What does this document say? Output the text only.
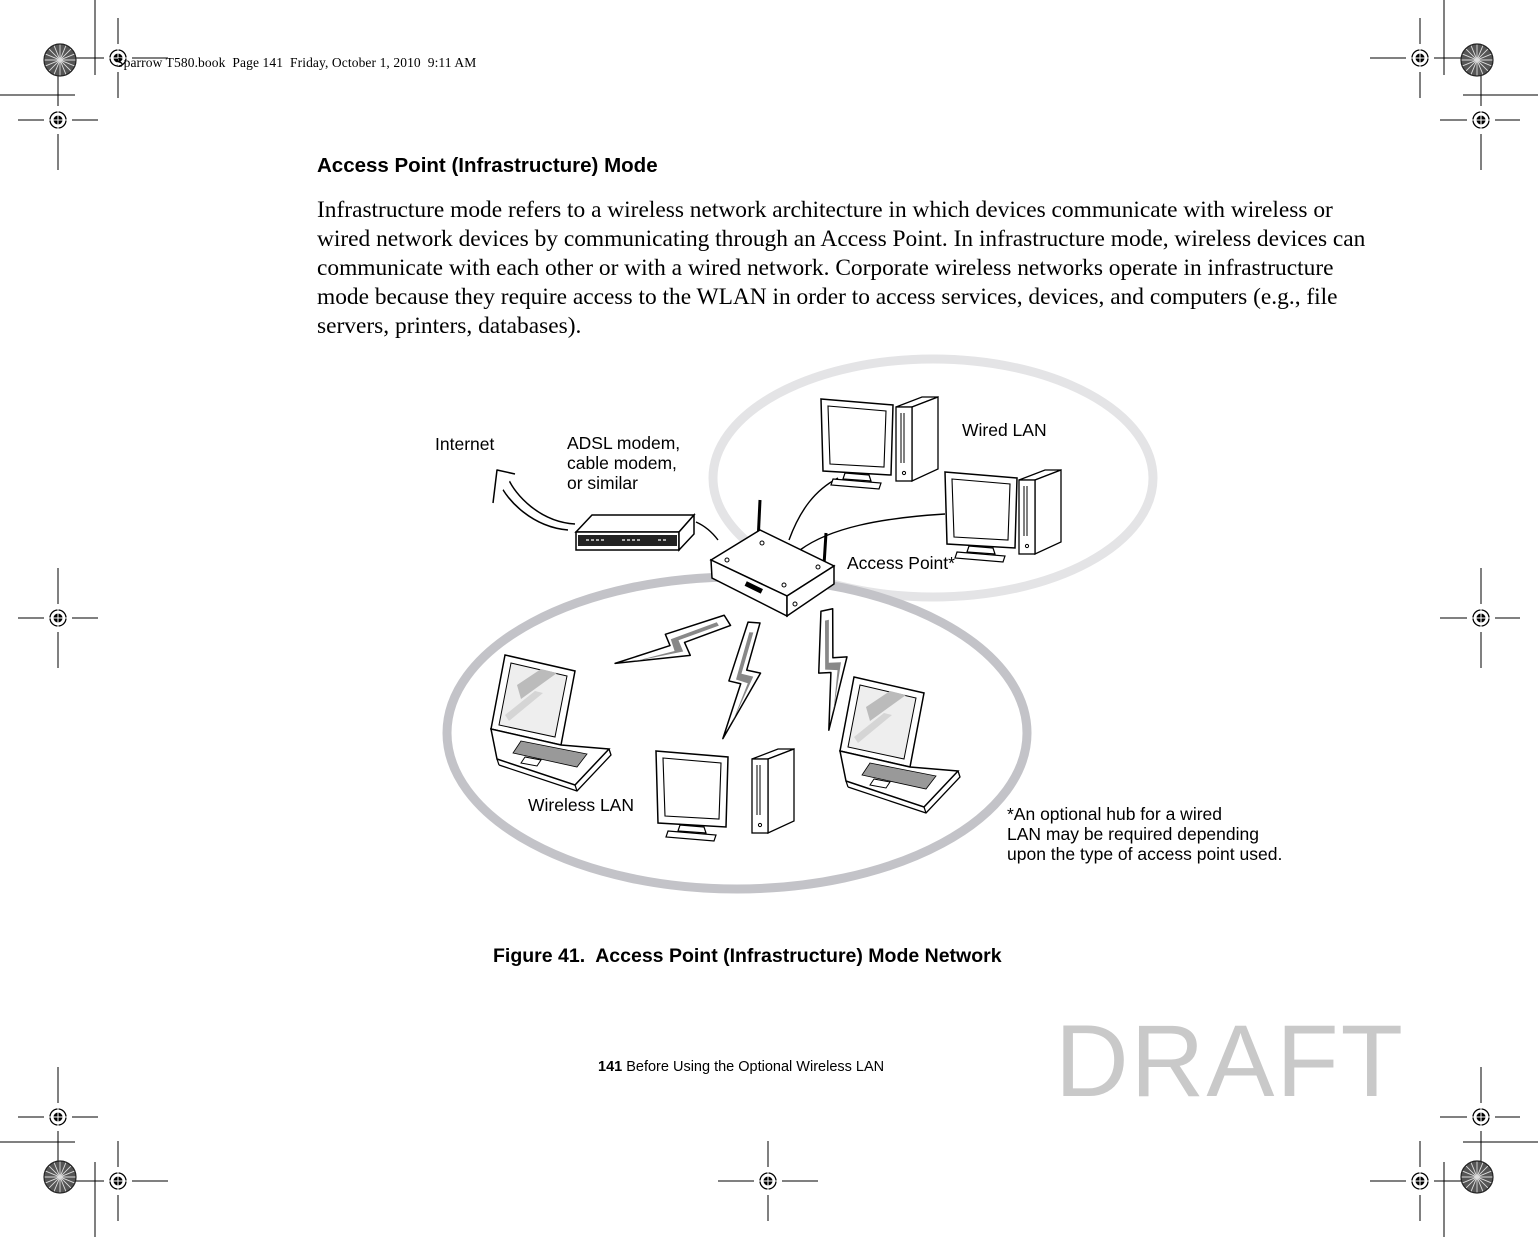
Sparrow T580.book  Page 141  Friday, October 1, 2010  9:11 AM
Access Point (Infrastructure) Mode

Infrastructure mode refers to a wireless network architecture in which devices communicate with wireless or wired network devices by communicating through an Access Point. In infrastructure mode, wireless devices can communicate with each other or with a wired network. Corporate wireless networks operate in infrastructure mode because they require access to the WLAN in order to access services, devices, and computers (e.g., file servers, printers, databases).

Internet	ADSL modem,
cable modem,
or similar
Wired LAN
Access Point*
Wireless LAN	*An optional hub for a wired
LAN may be required depending
upon the type of access point used.
Figure 41.  Access Point (Infrastructure) Mode Network
141 Before Using the Optional Wireless LAN DRAFT
